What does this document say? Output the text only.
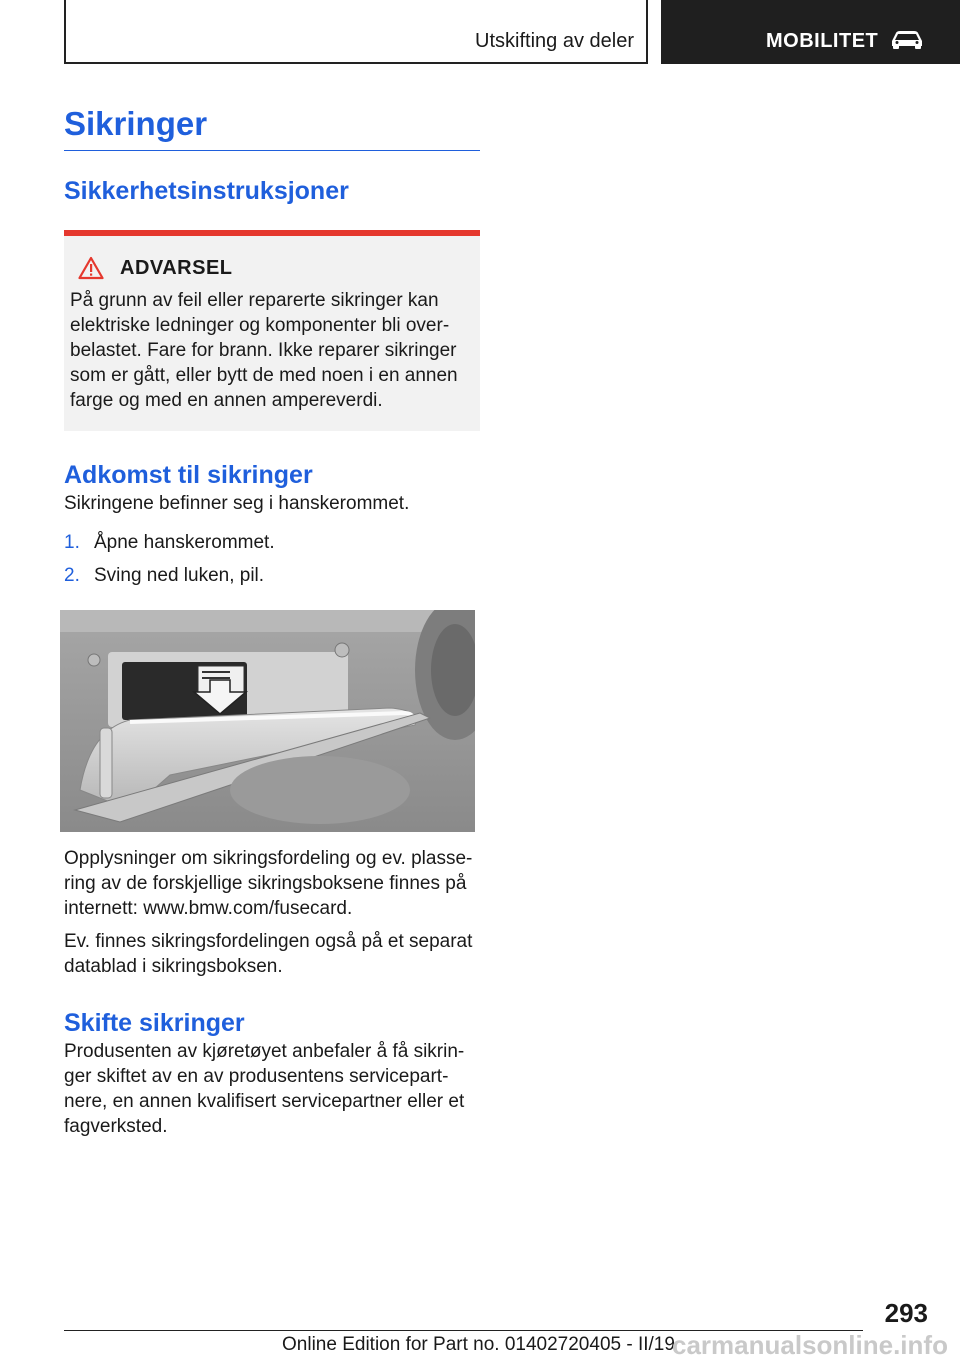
Utskifting av deler	MOBILITET
Sikringer
Sikkerhetsinstruksjoner
ADVARSEL
På grunn av feil eller reparerte sikringer kan elektriske ledninger og komponenter bli overbelastet. Fare for brann. Ikke reparer sikringer som er gått, eller bytt de med noen i en annen farge og med en annen ampereverdi.
Adkomst til sikringer

Sikringene befinner seg i hanskerommet.

1. Åpne hanskerommet.
2. Sving ned luken, pil.

Opplysninger om sikringsfordeling og ev. plassering av de forskjellige sikringsboksene finnes på internett: www.bmw.com/fusecard.

Ev. finnes sikringsfordelingen også på et separat datablad i sikringsboksen.

Skifte sikringer

Produsenten av kjøretøyet anbefaler å få sikringer skiftet av en av produsentens servicepartnere, en annen kvalifisert servicepartner eller et fagverksted.

293
Online Edition for Part no. 01402720405 - II/19
carmanualsonline.info
